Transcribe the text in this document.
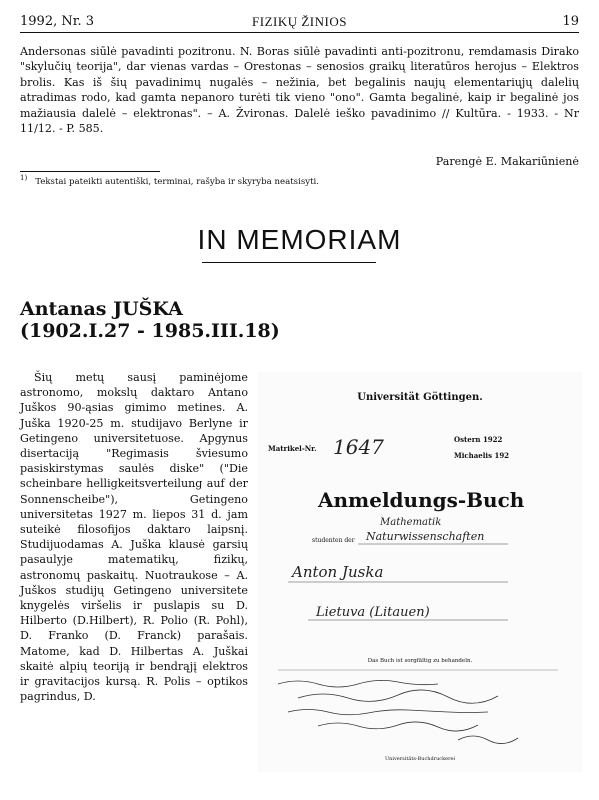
1992, Nr. 3	FIZIKŲ ŽINIOS	19

Andersonas siūlė pavadinti pozitronu. N. Boras siūlė pavadinti anti-pozitronu, remdamasis Dirako "skylučių teorija", dar vienas vardas – Orestonas – senosios graikų literatūros herojus – Elektros brolis. Kas iš šių pavadinimų nugalės – nežinia, bet begalinis naujų elementariųjų dalelių atradimas rodo, kad gamta nepanoro turėti tik vieno "ono". Gamta begalinė, kaip ir begalinė jos mažiausia dalelė – elektronas". – A. Žvironas. Dalelė ieško pavadinimo // Kultūra. - 1933. - Nr 11/12. - P. 585.

Parengė E. Makariūnienė

$^{1)}$ Tekstai pateikti autentiški, terminai, rašyba ir skyryba neatsisyti.

IN MEMORIAM
Antanas JUŠKA
(1902.I.27 - 1985.III.18)

Šių metų sausį paminėjome astronomo, mokslų daktaro Antano Juškos 90-ąsias gimimo metines. A. Juška 1920-25 m. studijavo Berlyne ir Getingeno universitetuose. Apgynus disertaciją "Regimasis šviesumo pasiskirstymas saulės diske" ("Die scheinbare helligkeitsverteilung auf der Sonnenscheibe"), Getingeno universitetas 1927 m. liepos 31 d. jam suteikė filosofijos daktaro laipsnį. Studijuodamas A. Juška klausė garsių pasaulyje matematikų, fizikų, astronomų paskaitų. Nuotraukose – A. Juškos studijų Getingeno universitete knygelės viršelis ir puslapis su D. Hilberto (D.Hilbert), R. Polio (R. Pohl), D. Franko (D. Franck) parašais. Matome, kad D. Hilbertas A. Juškai skaitė alpių teoriją ir bendrąjį elektros ir gravitacijos kursą. R. Polis – optikos pagrindus, D.

Universität Göttingen.
Matrikel-Nr. 1647	Ostern 1922
Michaelis 192
Anmeldungs-Buch
Mathematik
studenten der Naturwissenschaften
Anton Juska
Lietuva (Litauen)
Das Buch ist sorgfältig zu behandeln.
Universitäts-Buchdruckerei
